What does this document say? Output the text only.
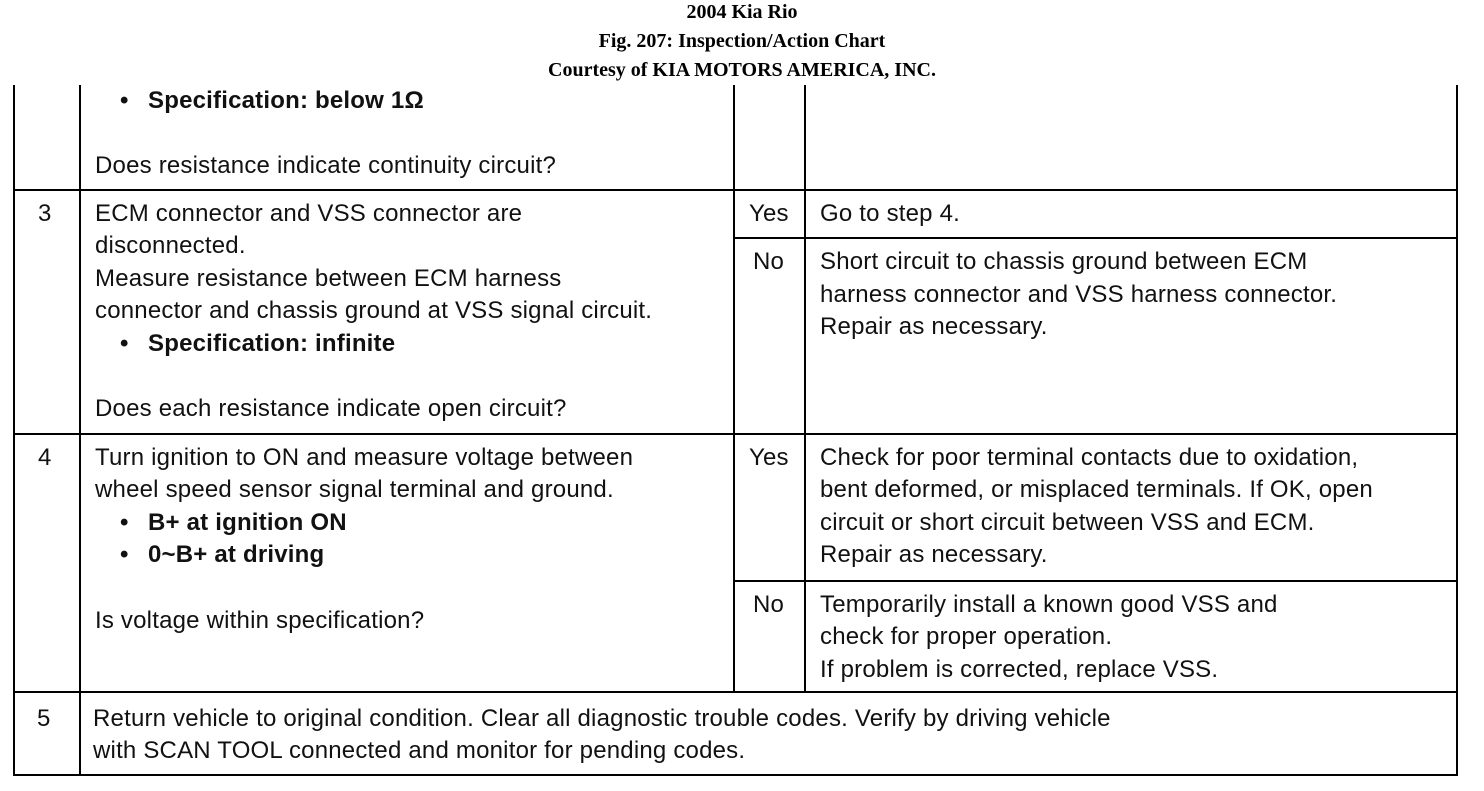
2004 Kia Rio
Fig. 207: Inspection/Action Chart
Courtesy of KIA MOTORS AMERICA, INC.
• Specification: below 1Ω
Does resistance indicate continuity circuit?
3 ECM connector and VSS connector are
disconnected.
Measure resistance between ECM harness
connector and chassis ground at VSS signal circuit.
• Specification: infinite
Does each resistance indicate open circuit?
Yes Go to step 4.
No Short circuit to chassis ground between ECM
harness connector and VSS harness connector.
Repair as necessary.
4 Turn ignition to ON and measure voltage between
wheel speed sensor signal terminal and ground.
• B+ at ignition ON
• 0~B+ at driving
Is voltage within specification?
Yes Check for poor terminal contacts due to oxidation,
bent deformed, or misplaced terminals. If OK, open
circuit or short circuit between VSS and ECM.
Repair as necessary.
No Temporarily install a known good VSS and
check for proper operation.
If problem is corrected, replace VSS.
5 Return vehicle to original condition. Clear all diagnostic trouble codes. Verify by driving vehicle
with SCAN TOOL connected and monitor for pending codes.
